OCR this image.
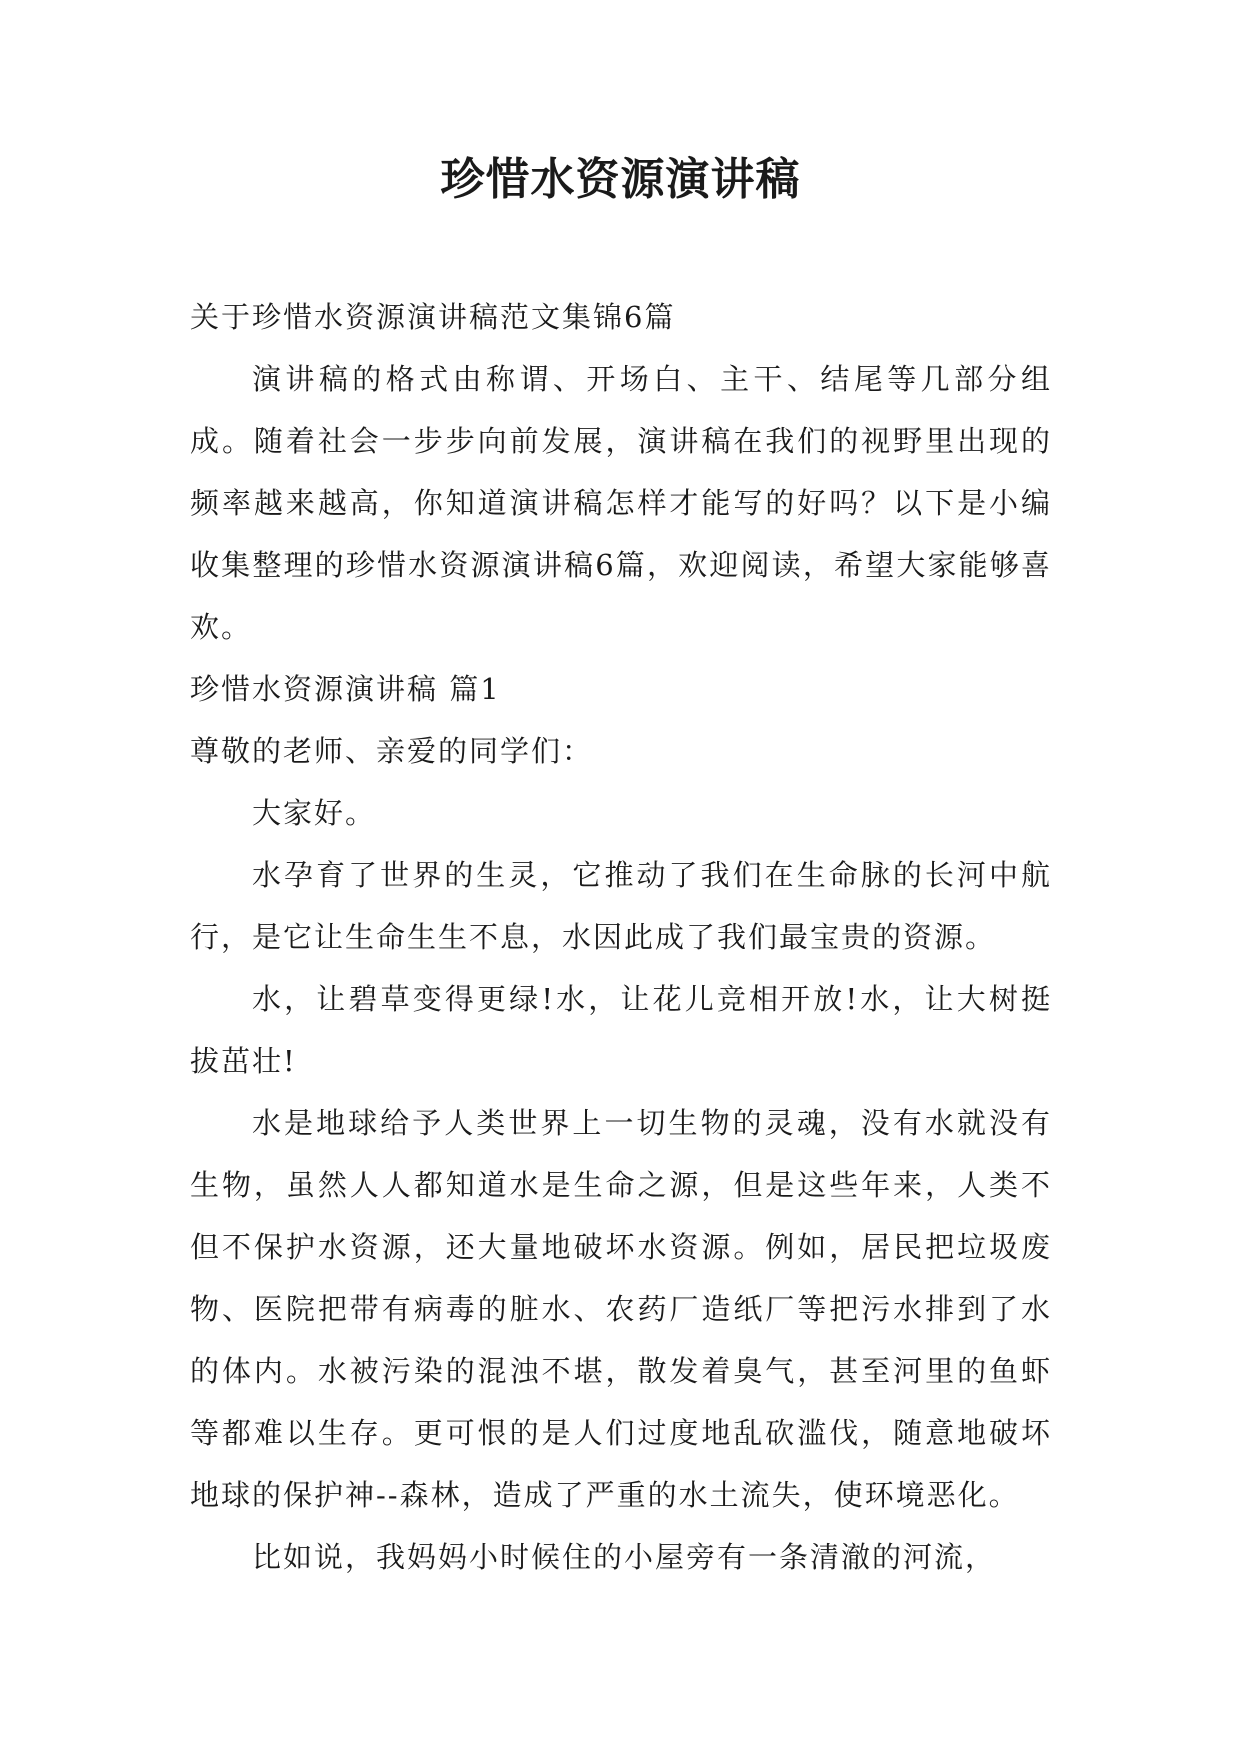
珍惜水资源演讲稿

关于珍惜水资源演讲稿范文集锦6篇

演讲稿的格式由称谓、开场白、主干、结尾等几部分组成。随着社会一步步向前发展，演讲稿在我们的视野里出现的频率越来越高，你知道演讲稿怎样才能写的好吗？以下是小编收集整理的珍惜水资源演讲稿6篇，欢迎阅读，希望大家能够喜欢。

珍惜水资源演讲稿 篇1

尊敬的老师、亲爱的同学们：

大家好。

水孕育了世界的生灵，它推动了我们在生命脉的长河中航行，是它让生命生生不息，水因此成了我们最宝贵的资源。

水，让碧草变得更绿!水，让花儿竞相开放!水，让大树挺拔茁壮!

水是地球给予人类世界上一切生物的灵魂，没有水就没有生物，虽然人人都知道水是生命之源，但是这些年来，人类不但不保护水资源，还大量地破坏水资源。例如，居民把垃圾废物、医院把带有病毒的脏水、农药厂造纸厂等把污水排到了水的体内。水被污染的混浊不堪，散发着臭气，甚至河里的鱼虾等都难以生存。更可恨的是人们过度地乱砍滥伐，随意地破坏地球的保护神--森林，造成了严重的水土流失，使环境恶化。

比如说，我妈妈小时候住的小屋旁有一条清澈的河流，
